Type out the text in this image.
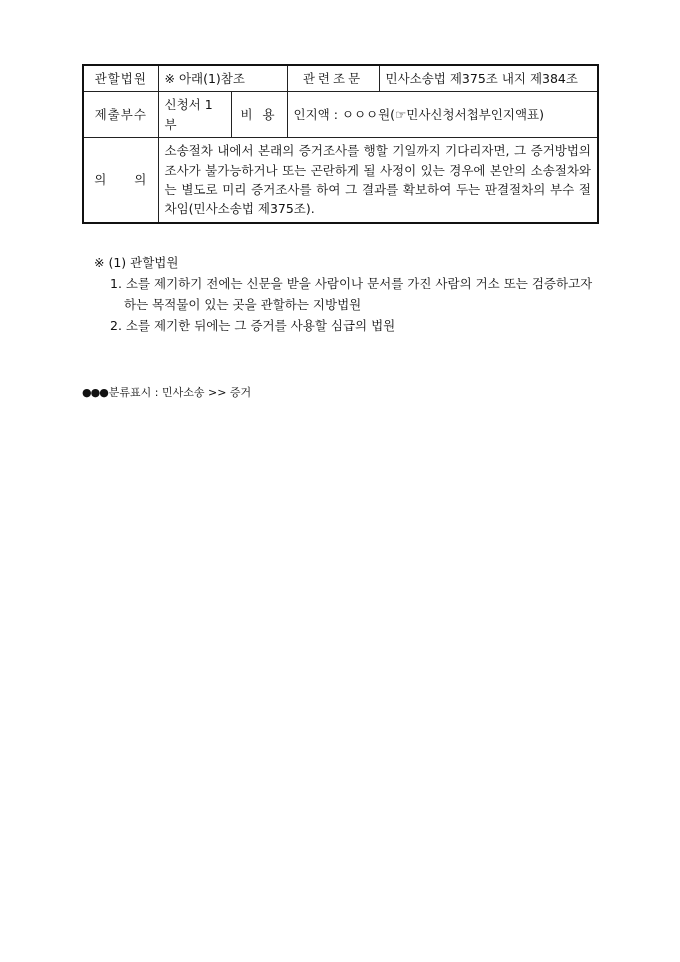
관할법원	※ 아래(1)참조		관련조문	민사소송법 제375조 내지 제384조
제출부수	신청서 1부	비 용	인지액 : ㅇㅇㅇ원(☞민사신청서첩부인지액표)	
의 의	소송절차 내에서 본래의 증거조사를 행할 기일까지 기다리자면, 그 증거방법의 조사가 불가능하거나 또는 곤란하게 될 사정이 있는 경우에 본안의 소송절차와는 별도로 미리 증거조사를 하여 그 결과를 확보하여 두는 판결절차의 부수 절차임(민사소송법 제375조).			
※ (1) 관할법원
1. 소를 제기하기 전에는 신문을 받을 사람이나 문서를 가진 사람의 거소 또는 검증하고자 하는 목적물이 있는 곳을 관할하는 지방법원
2. 소를 제기한 뒤에는 그 증거를 사용할 심급의 법원
●●●분류표시 : 민사소송 >> 증거
